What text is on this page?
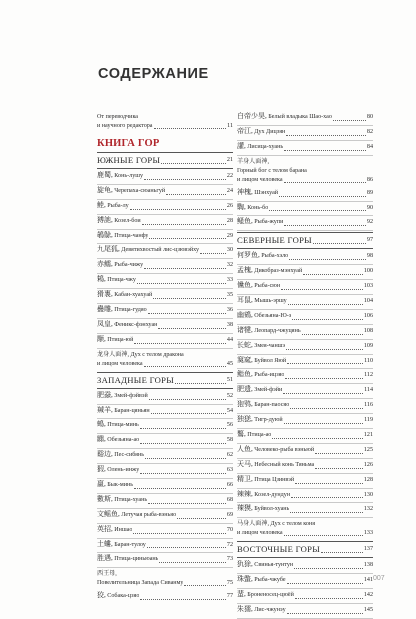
СОДЕРЖАНИЕ
От переводчика
и научного редактора	11
КНИГА ГОР
ЮЖНЫЕ ГОРЫ	21
鹿蜀, Конь-лушу	22
旋龟, Черепаха-сюаньгуй	24
鯥, Рыба-лу	26
猼訑, Козел-бои	28
鵸鵌, Птица-чанфу	29
九尾狐, Девятихвостый лис-цзювэйху	30
赤鱬, Рыба-чижу	32
鴸, Птица-чжу	33
猾褢, Кабан-хуахуай	35
蠱雕, Птица-гудяо	36
凤皇, Феникс-фэнхуан	38
颙, Птица-юй	44
龙身人面神, Дух с телом дракона
и лицом человека	45
ЗАПАДНЫЕ ГОРЫ	51
肥䗞, Змей-фэйвэй	52
羬羊, Баран-цяньян	54
䳋, Птица-минь	56
嚻, Обезьяна-ао	58
谿边, Пес-сибянь	62
猳, Олень-инжу	63
嬴, Бык-минь	66
數斯, Птица-хуань	68
文鳐鱼, Летучая рыба-вэньяо	69
英招, Иншао	70
土螻, Баран-тулоу	72
胜遇, Птица-циньюань	73
西王母,
Повелительница Запада Сиванму	75
狡, Собака-цзяо	77
白帝少昊, Белый владыка Шао-хао	80
帝江, Дух Дицзян	82
讙, Лисица-хуань	84
羊身人面神,
Горный бог с телом барана
и лицом человека	86
神槐, Шэнхуай	89
騊, Конь-бо	90
鳋鱼, Рыба-жупи	92
СЕВЕРНЫЕ ГОРЫ	97
何罗鱼, Рыба-хэло	98
孟槐, Дикобраз-мэнхуай	100
儵鱼, Рыба-сюн	103
耳鼠, Мышь-эршу	104
幽鴳, Обезьяна-Ю-э	106
诸犍, Леопард-чжуцянь	108
长蛇, Змея-чаншэ	109
窫窳, Буйвол Яюй	110
鮨鱼, Рыба-ицзяо	112
肥遗, Змей-фэйи	114
狍鸮, Баран-паосяо	116
独㺊, Тигр-дуюй	119
鸄, Птица-ао	121
人鱼, Человеко-рыба вэньюй	125
天马, Небесный конь Тяньма	126
精卫, Птица Цзинвэй	128
辣辣, Козел-дундун	130
䍶獏, Буйвол-хуань	132
马身人面神, Дух с телом коня
и лицом человека	133
ВОСТОЧНЫЕ ГОРЫ	137
犰狳, Свинья-тунтун	138
珠蟞, Рыба-чжубе	141
蜚, Броненосец-цюёй	142
朱獳, Лис-чжунэу	145
007
